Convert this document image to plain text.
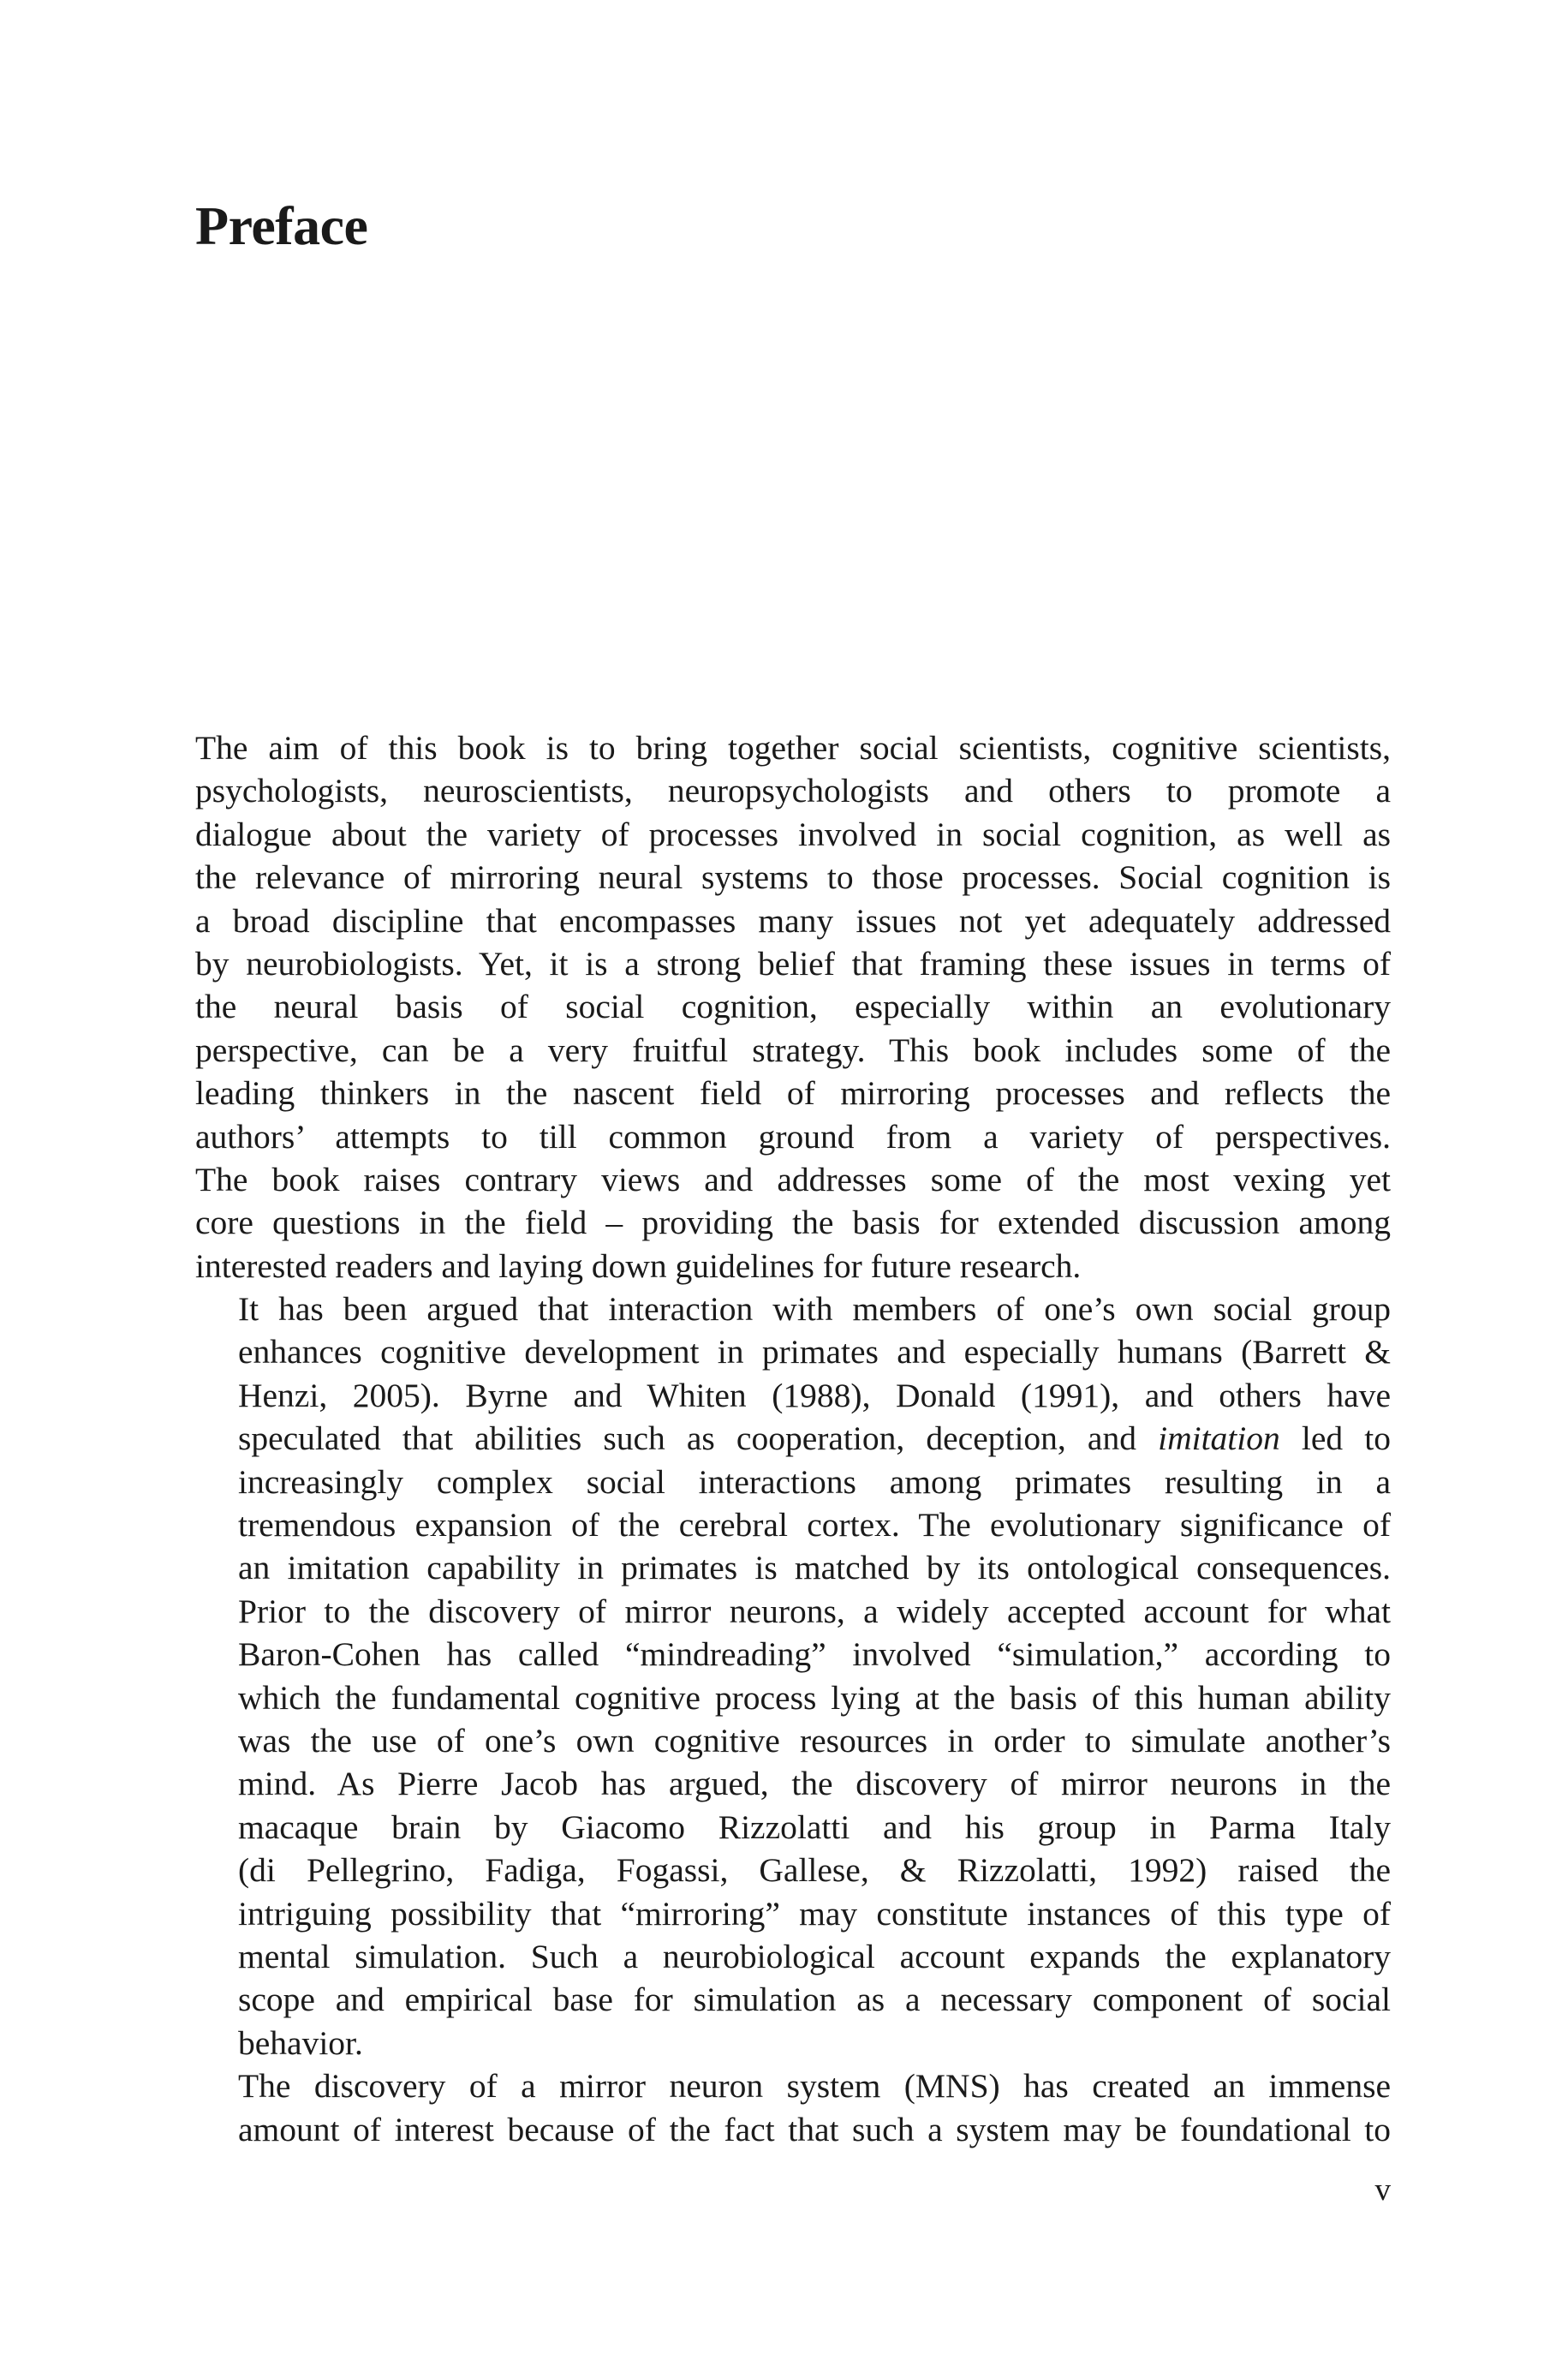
Preface
The aim of this book is to bring together social scientists, cognitive scientists,
psychologists, neuroscientists, neuropsychologists and others to promote a
dialogue about the variety of processes involved in social cognition, as well as
the relevance of mirroring neural systems to those processes. Social cognition is
a broad discipline that encompasses many issues not yet adequately addressed
by neurobiologists. Yet, it is a strong belief that framing these issues in terms of
the neural basis of social cognition, especially within an evolutionary
perspective, can be a very fruitful strategy. This book includes some of the
leading thinkers in the nascent field of mirroring processes and reflects the
authors’ attempts to till common ground from a variety of perspectives.
The book raises contrary views and addresses some of the most vexing yet
core questions in the field – providing the basis for extended discussion among
interested readers and laying down guidelines for future research.
It has been argued that interaction with members of one’s own social group
enhances cognitive development in primates and especially humans (Barrett &
Henzi, 2005). Byrne and Whiten (1988), Donald (1991), and others have
speculated that abilities such as cooperation, deception, and imitation led to
increasingly complex social interactions among primates resulting in a
tremendous expansion of the cerebral cortex. The evolutionary significance of
an imitation capability in primates is matched by its ontological consequences.
Prior to the discovery of mirror neurons, a widely accepted account for what
Baron-Cohen has called “mindreading” involved “simulation,” according to
which the fundamental cognitive process lying at the basis of this human ability
was the use of one’s own cognitive resources in order to simulate another’s
mind. As Pierre Jacob has argued, the discovery of mirror neurons in the
macaque brain by Giacomo Rizzolatti and his group in Parma Italy
(di Pellegrino, Fadiga, Fogassi, Gallese, & Rizzolatti, 1992) raised the
intriguing possibility that “mirroring” may constitute instances of this type of
mental simulation. Such a neurobiological account expands the explanatory
scope and empirical base for simulation as a necessary component of social
behavior.
The discovery of a mirror neuron system (MNS) has created an immense
amount of interest because of the fact that such a system may be foundational to
v
